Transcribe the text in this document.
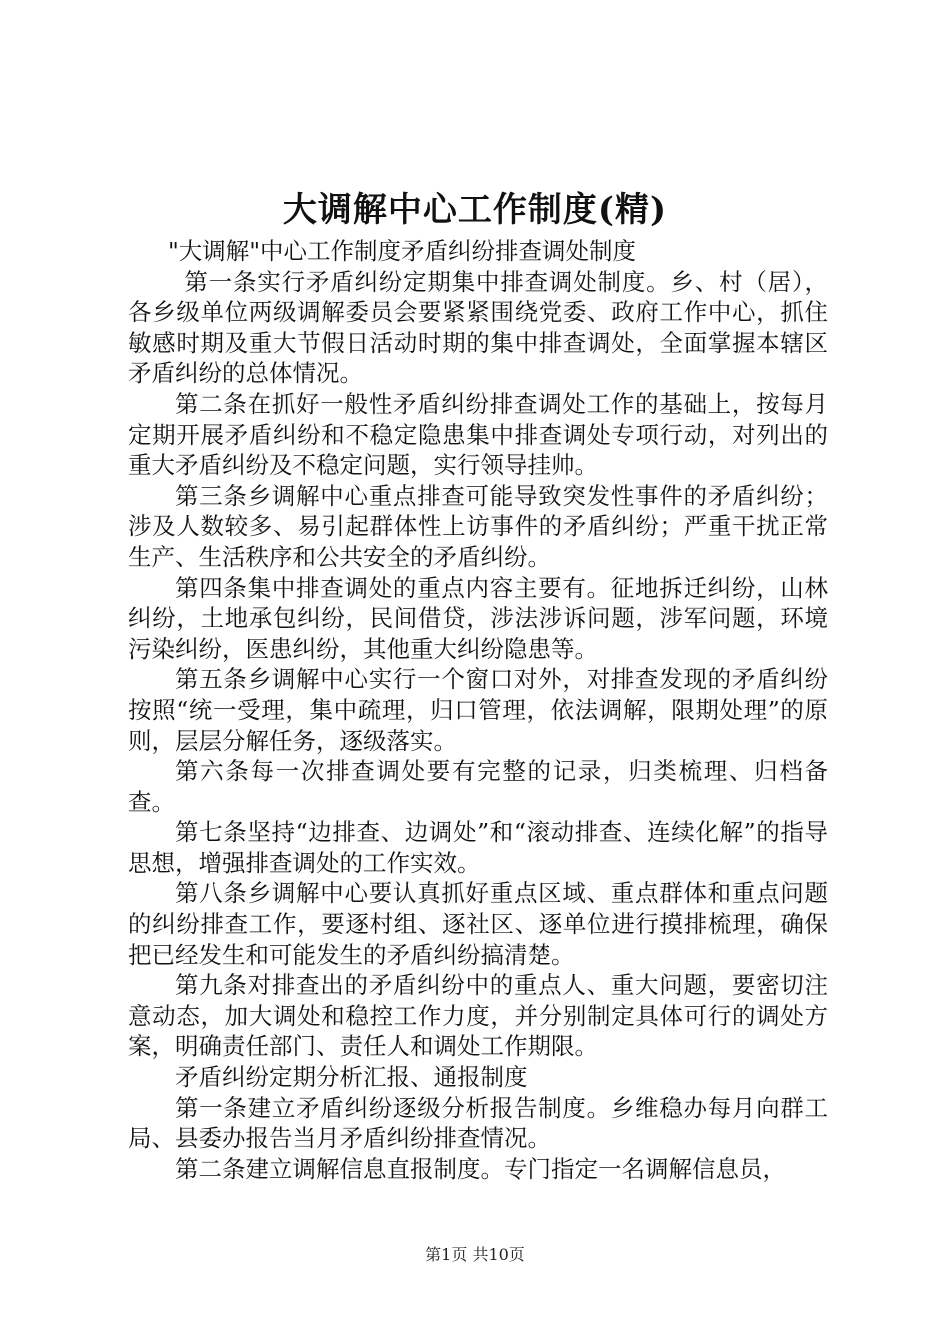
大调解中心工作制度(精)

"大调解"中心工作制度矛盾纠纷排查调处制度

第一条实行矛盾纠纷定期集中排查调处制度。乡、村（居），各乡级单位两级调解委员会要紧紧围绕党委、政府工作中心，抓住敏感时期及重大节假日活动时期的集中排查调处，全面掌握本辖区矛盾纠纷的总体情况。

第二条在抓好一般性矛盾纠纷排查调处工作的基础上，按每月定期开展矛盾纠纷和不稳定隐患集中排查调处专项行动，对列出的重大矛盾纠纷及不稳定问题，实行领导挂帅。

第三条乡调解中心重点排查可能导致突发性事件的矛盾纠纷；涉及人数较多、易引起群体性上访事件的矛盾纠纷；严重干扰正常生产、生活秩序和公共安全的矛盾纠纷。

第四条集中排查调处的重点内容主要有。征地拆迁纠纷，山林纠纷，土地承包纠纷，民间借贷，涉法涉诉问题，涉军问题，环境污染纠纷，医患纠纷，其他重大纠纷隐患等。

第五条乡调解中心实行一个窗口对外，对排查发现的矛盾纠纷按照“统一受理，集中疏理，归口管理，依法调解，限期处理”的原则，层层分解任务，逐级落实。

第六条每一次排查调处要有完整的记录，归类梳理、归档备查。

第七条坚持“边排查、边调处”和“滚动排查、连续化解”的指导思想，增强排查调处的工作实效。

第八条乡调解中心要认真抓好重点区域、重点群体和重点问题的纠纷排查工作，要逐村组、逐社区、逐单位进行摸排梳理，确保把已经发生和可能发生的矛盾纠纷搞清楚。

第九条对排查出的矛盾纠纷中的重点人、重大问题，要密切注意动态，加大调处和稳控工作力度，并分别制定具体可行的调处方案，明确责任部门、责任人和调处工作期限。

矛盾纠纷定期分析汇报、通报制度

第一条建立矛盾纠纷逐级分析报告制度。乡维稳办每月向群工局、县委办报告当月矛盾纠纷排查情况。

第二条建立调解信息直报制度。专门指定一名调解信息员，

第1页 共10页
